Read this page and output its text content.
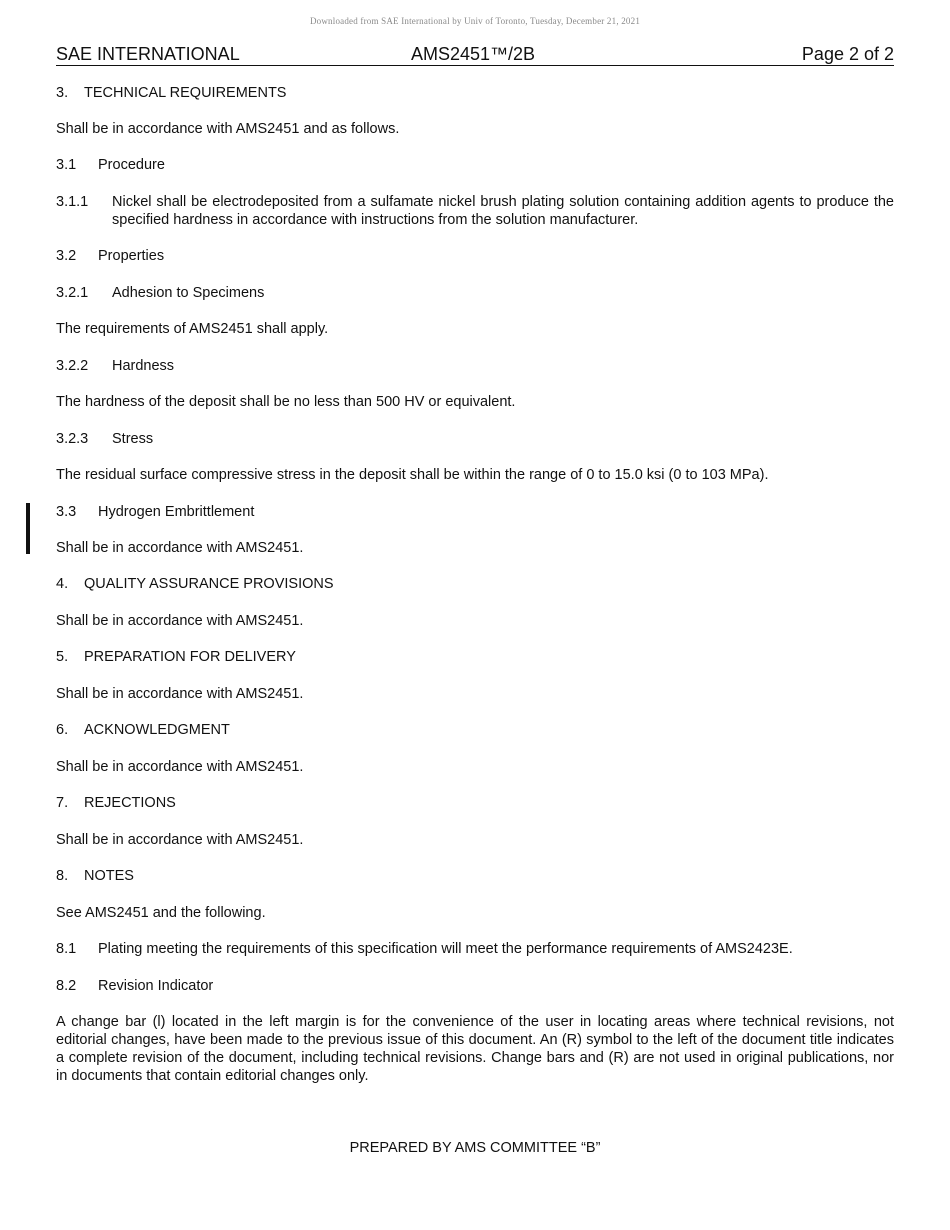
Downloaded from SAE International by Univ of Toronto, Tuesday, December 21, 2021
SAE INTERNATIONAL	AMS2451™/2B	Page 2 of 2
3. TECHNICAL REQUIREMENTS
Shall be in accordance with AMS2451 and as follows.
3.1 Procedure
3.1.1 Nickel shall be electrodeposited from a sulfamate nickel brush plating solution containing addition agents to produce the specified hardness in accordance with instructions from the solution manufacturer.
3.2 Properties
3.2.1 Adhesion to Specimens
The requirements of AMS2451 shall apply.
3.2.2 Hardness
The hardness of the deposit shall be no less than 500 HV or equivalent.
3.2.3 Stress
The residual surface compressive stress in the deposit shall be within the range of 0 to 15.0 ksi (0 to 103 MPa).
3.3 Hydrogen Embrittlement
Shall be in accordance with AMS2451.
4. QUALITY ASSURANCE PROVISIONS
Shall be in accordance with AMS2451.
5. PREPARATION FOR DELIVERY
Shall be in accordance with AMS2451.
6. ACKNOWLEDGMENT
Shall be in accordance with AMS2451.
7. REJECTIONS
Shall be in accordance with AMS2451.
8. NOTES
See AMS2451 and the following.
8.1 Plating meeting the requirements of this specification will meet the performance requirements of AMS2423E.
8.2 Revision Indicator
A change bar (l) located in the left margin is for the convenience of the user in locating areas where technical revisions, not editorial changes, have been made to the previous issue of this document. An (R) symbol to the left of the document title indicates a complete revision of the document, including technical revisions. Change bars and (R) are not used in original publications, nor in documents that contain editorial changes only.
PREPARED BY AMS COMMITTEE “B”
